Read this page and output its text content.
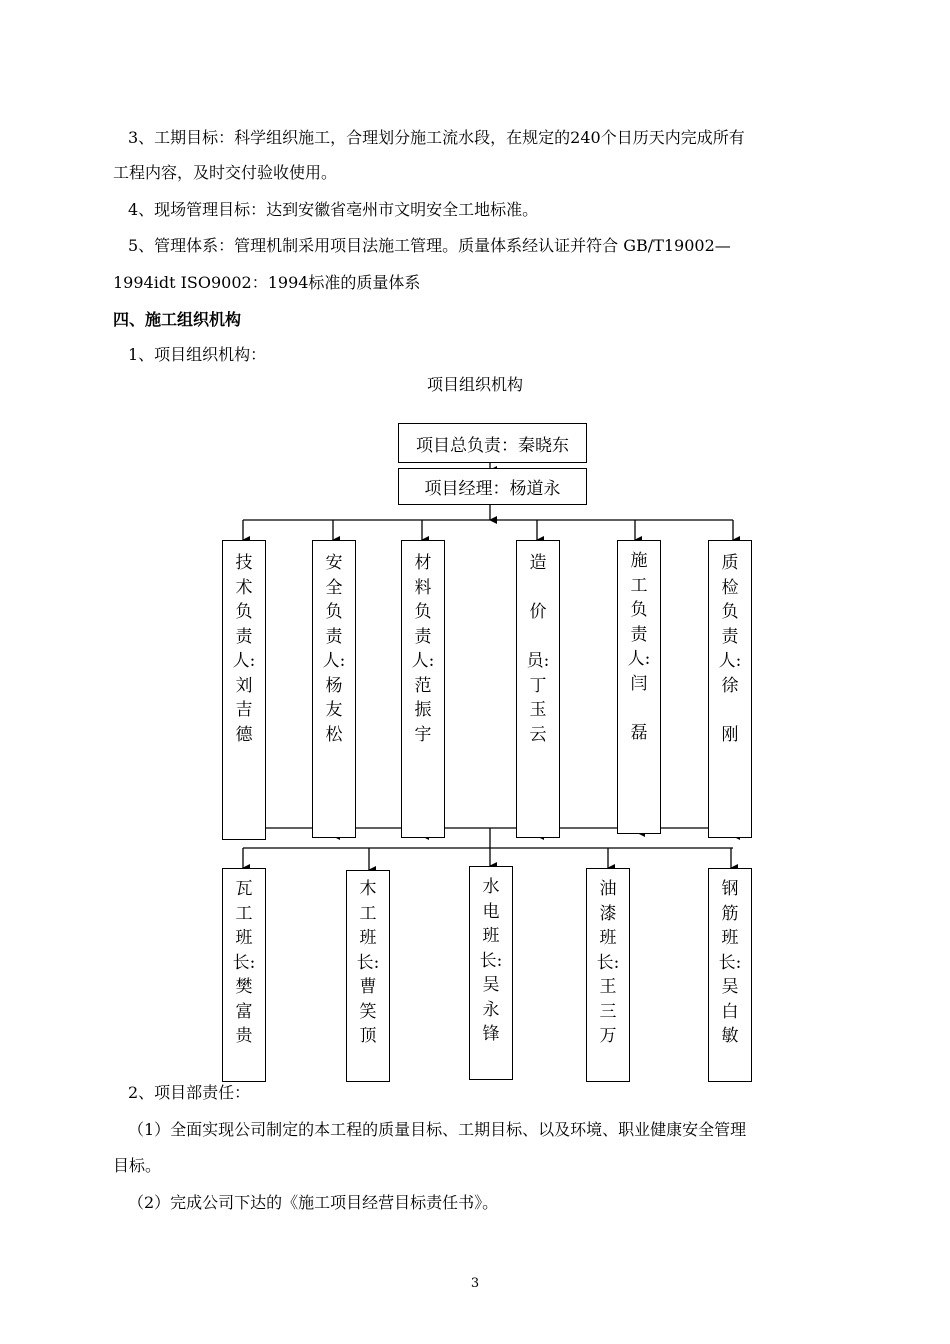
3、工期目标：科学组织施工，合理划分施工流水段，在规定的240个日历天内完成所有

工程内容，及时交付验收使用。

4、现场管理目标：达到安徽省亳州市文明安全工地标准。

5、管理体系：管理机制采用项目法施工管理。质量体系经认证并符合 GB/T19002—

1994idt ISO9002：1994标准的质量体系

四、施工组织机构

1、项目组织机构：

项目组织机构
项目总负责：秦晓东
项目经理：杨道永
技
术
负
责
人:
刘
吉
德
安
全
负
责
人:
杨
友
松
材
料
负
责
人:
范
振
宇
造

价

员:
丁
玉
云
施
工
负
责
人:
闫

磊
质
检
负
责
人:
徐

刚
瓦
工
班
长:
樊
富
贵
木
工
班
长:
曹
笑
顶
水
电
班
长:
吴
永
锋
油
漆
班
长:
王
三
万
钢
筋
班
长:
吴
白
敏

2、项目部责任：

（1）全面实现公司制定的本工程的质量目标、工期目标、以及环境、职业健康安全管理

目标。

（2）完成公司下达的《施工项目经营目标责任书》。

3
